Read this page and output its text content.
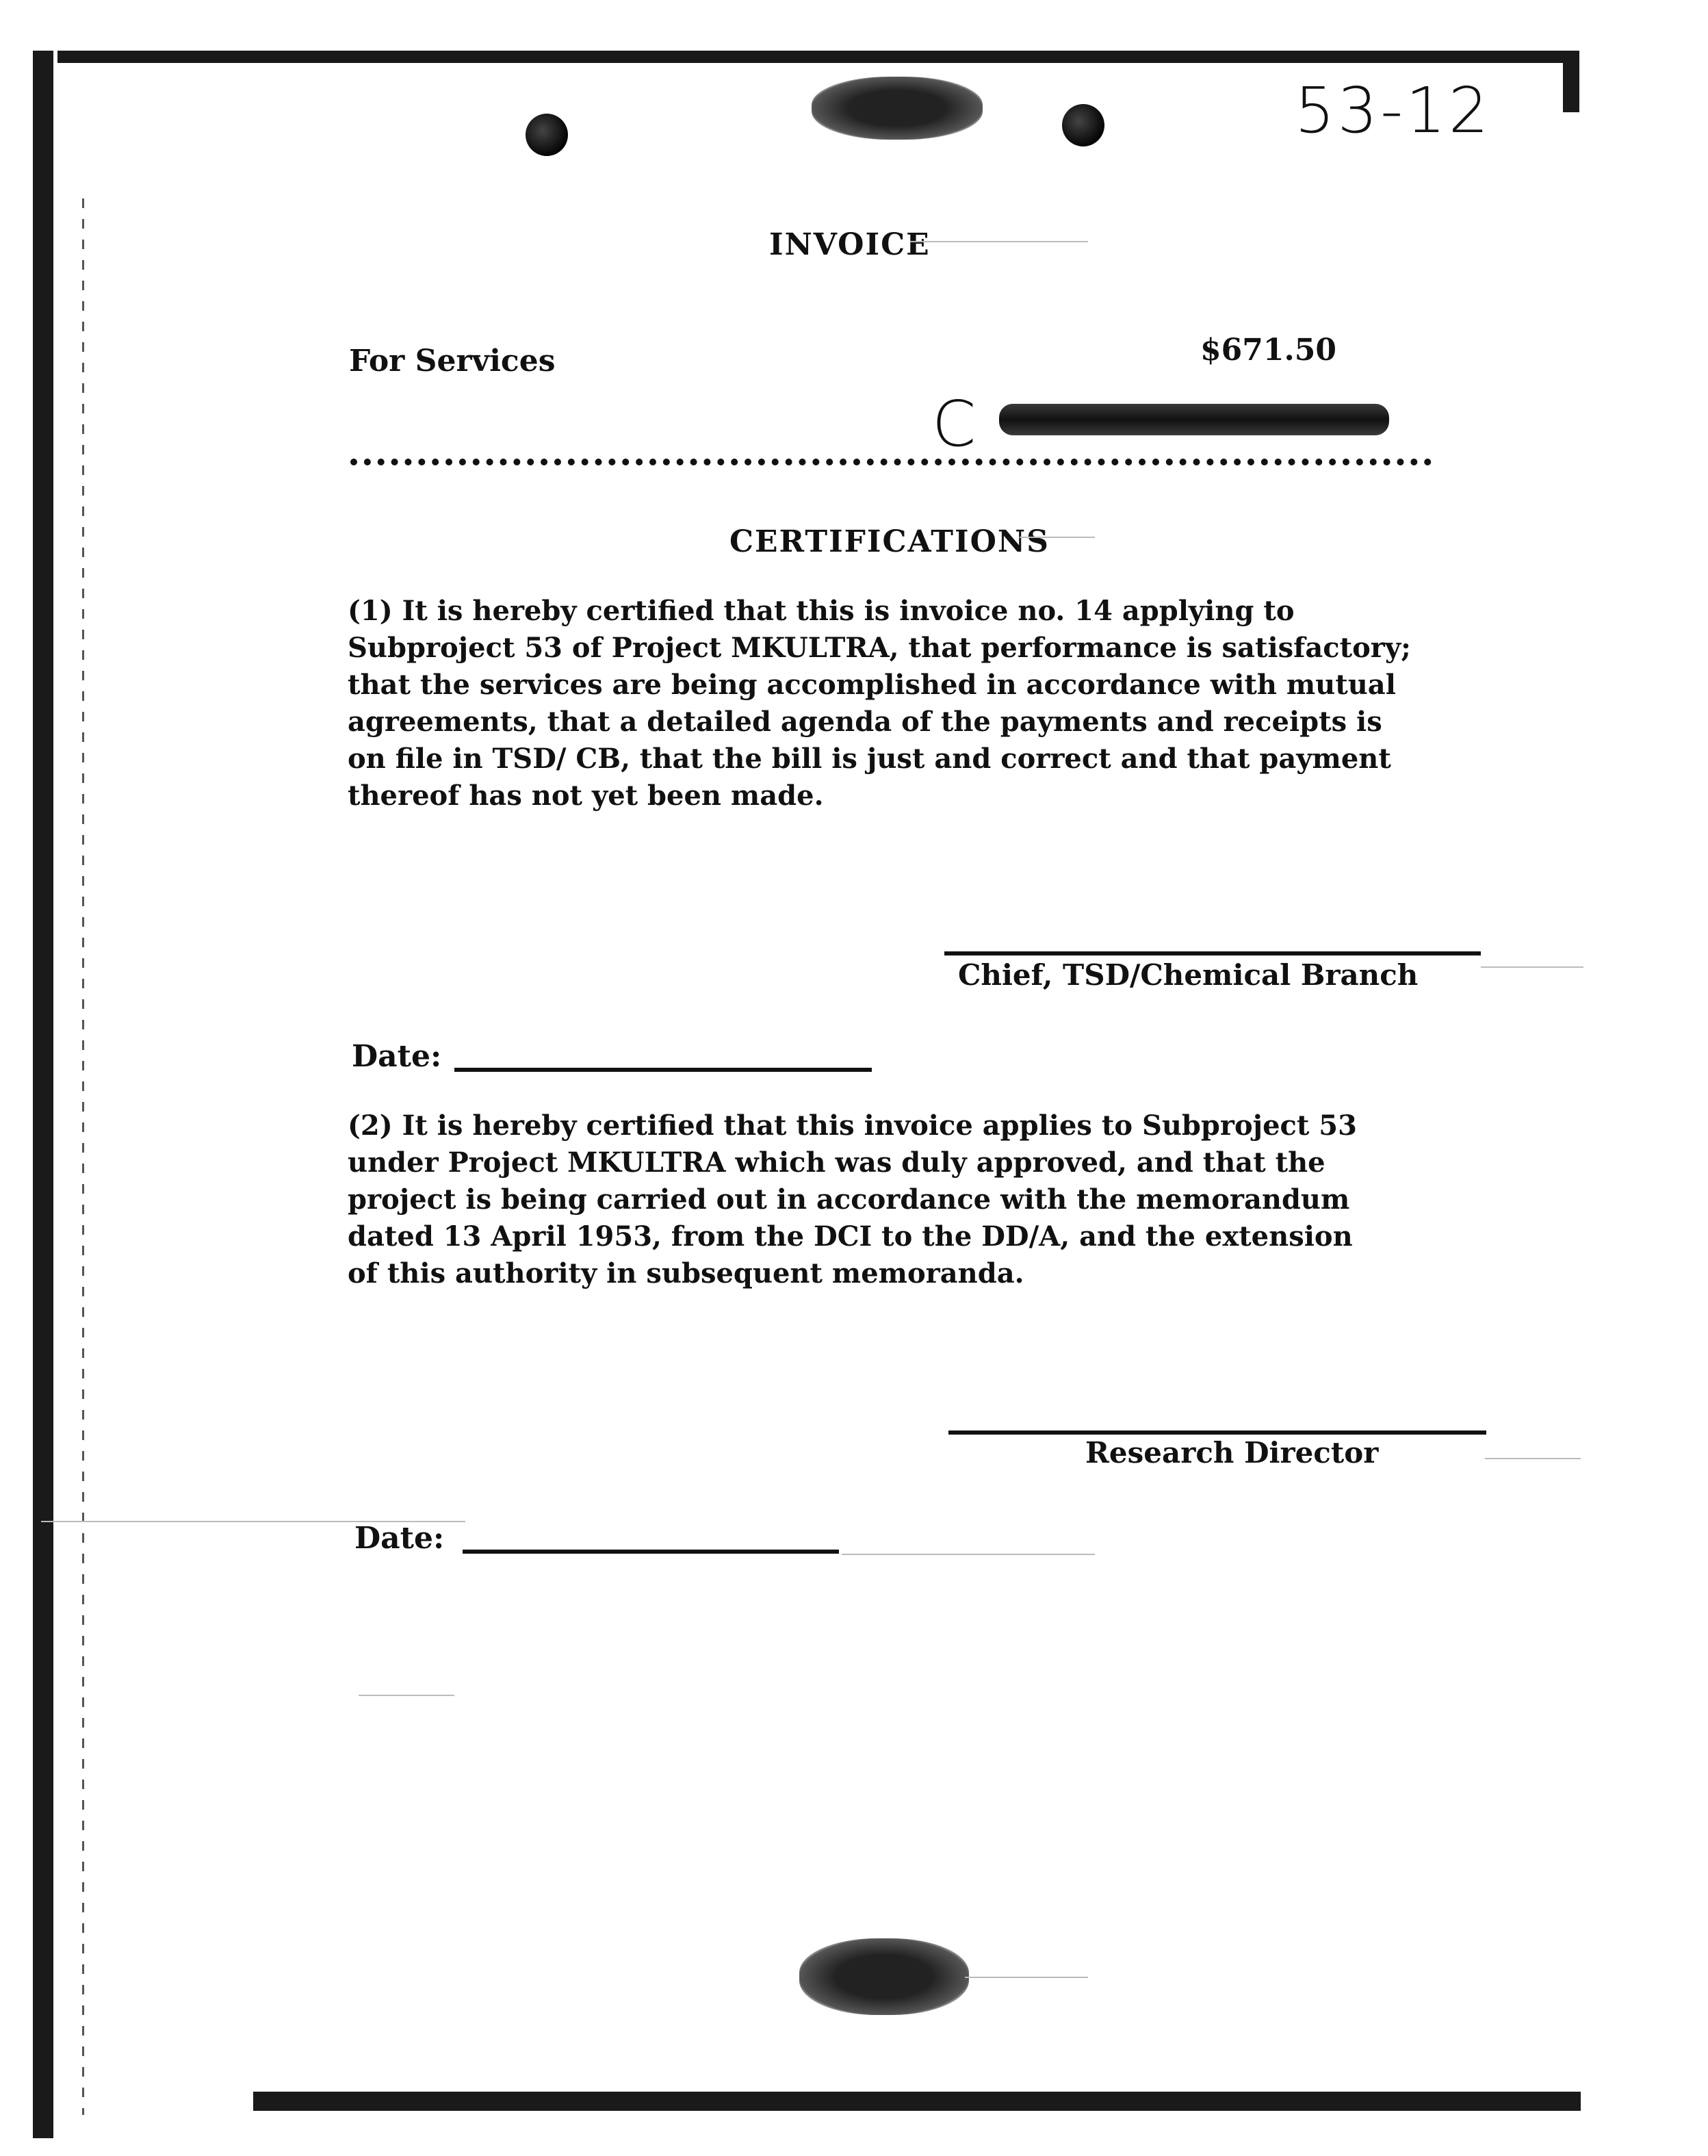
53-12
C
INVOICE
For Services	$671.50
CERTIFICATIONS
(1) It is hereby certified that this is invoice no. 14 applying to
Subproject 53 of Project MKULTRA, that performance is satisfactory;
that the services are being accomplished in accordance with mutual
agreements, that a detailed agenda of the payments and receipts is
on file in TSD/ CB, that the bill is just and correct and that payment
thereof has not yet been made.
Chief, TSD/Chemical Branch
Date:
(2) It is hereby certified that this invoice applies to Subproject 53
under Project MKULTRA which was duly approved, and that the
project is being carried out in accordance with the memorandum
dated 13 April 1953, from the DCI to the DD/A, and the extension
of this authority in subsequent memoranda.
Research Director
Date:
